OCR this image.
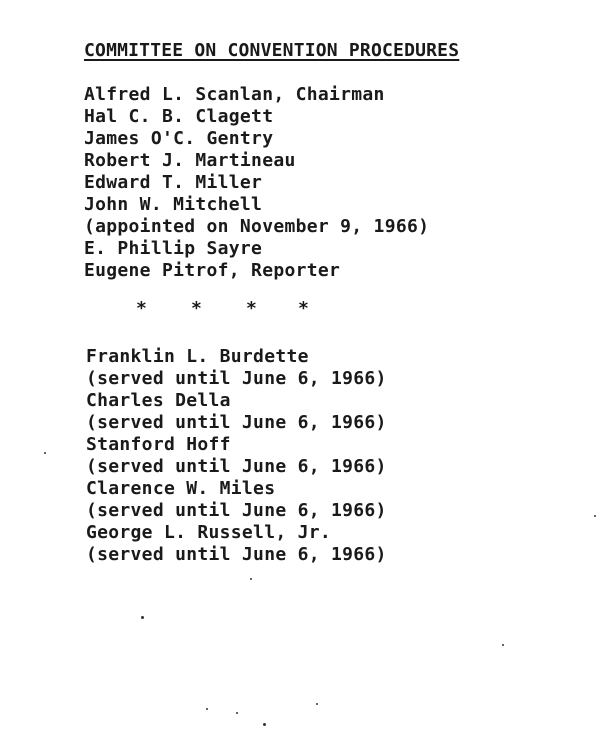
COMMITTEE ON CONVENTION PROCEDURES
Alfred L. Scanlan, Chairman
Hal C. B. Clagett
James O'C. Gentry
Robert J. Martineau
Edward T. Miller
John W. Mitchell
(appointed on November 9, 1966)
E. Phillip Sayre
Eugene Pitrof, Reporter
* * * *
Franklin L. Burdette
(served until June 6, 1966)
Charles Della
(served until June 6, 1966)
Stanford Hoff
(served until June 6, 1966)
Clarence W. Miles
(served until June 6, 1966)
George L. Russell, Jr.
(served until June 6, 1966)
